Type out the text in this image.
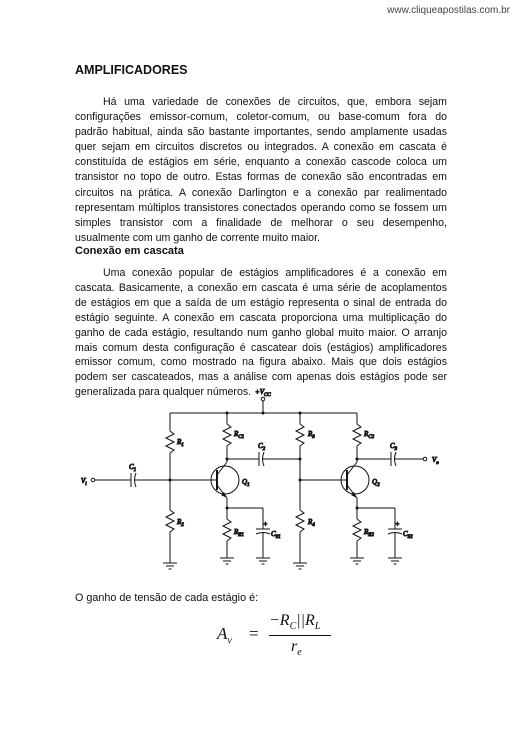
www.cliqueapostilas.com.br
AMPLIFICADORES

Há uma variedade de conexões de circuitos, que, embora sejam configurações emissor-comum, coletor-comum, ou base-comum fora do padrão habitual, ainda são bastante importantes, sendo amplamente usadas quer sejam em circuitos discretos ou integrados. A conexão em cascata é constituída de estágios em série, enquanto a conexão cascode coloca um transistor no topo de outro. Estas formas de conexão são encontradas em circuitos na prática. A conexão Darlington e a conexão par realimentado representam múltiplos transistores conectados operando como se fossem um simples transistor com a finalidade de melhorar o seu desempenho, usualmente com um ganho de corrente muito maior.

Conexão em cascata

Uma conexão popular de estágios amplificadores é a conexão em cascata. Basicamente, a conexão em cascata é uma série de acoplamentos de estágios em que a saída de um estágio representa o sinal de entrada do estágio seguinte. A conexão em cascata proporciona uma multiplicação do ganho de cada estágio, resultando num ganho global muito maior. O arranjo mais comum desta configuração é cascatear dois (estágios) amplificadores emissor comum, como mostrado na figura abaixo. Mais que dois estágios podem ser cascateados, mas a análise com apenas dois estágios pode ser generalizada para qualquer números. $+V_{CC}$
$R_1$
$V_i$
$C_1$
$R_2$
$Q_1$
$R_{C1}$
$C_2$
$R_{E1}$
+
$C_{S1}$
$R_3$
$R_4$
$Q_2$
$R_{C2}$
$C_3$
$V_o$
$R_{E2}$
+
$C_{S2}$

O ganho de tensão de cada estágio é:

$A_v$ =
$-R_C||R_L$
$r_e$
